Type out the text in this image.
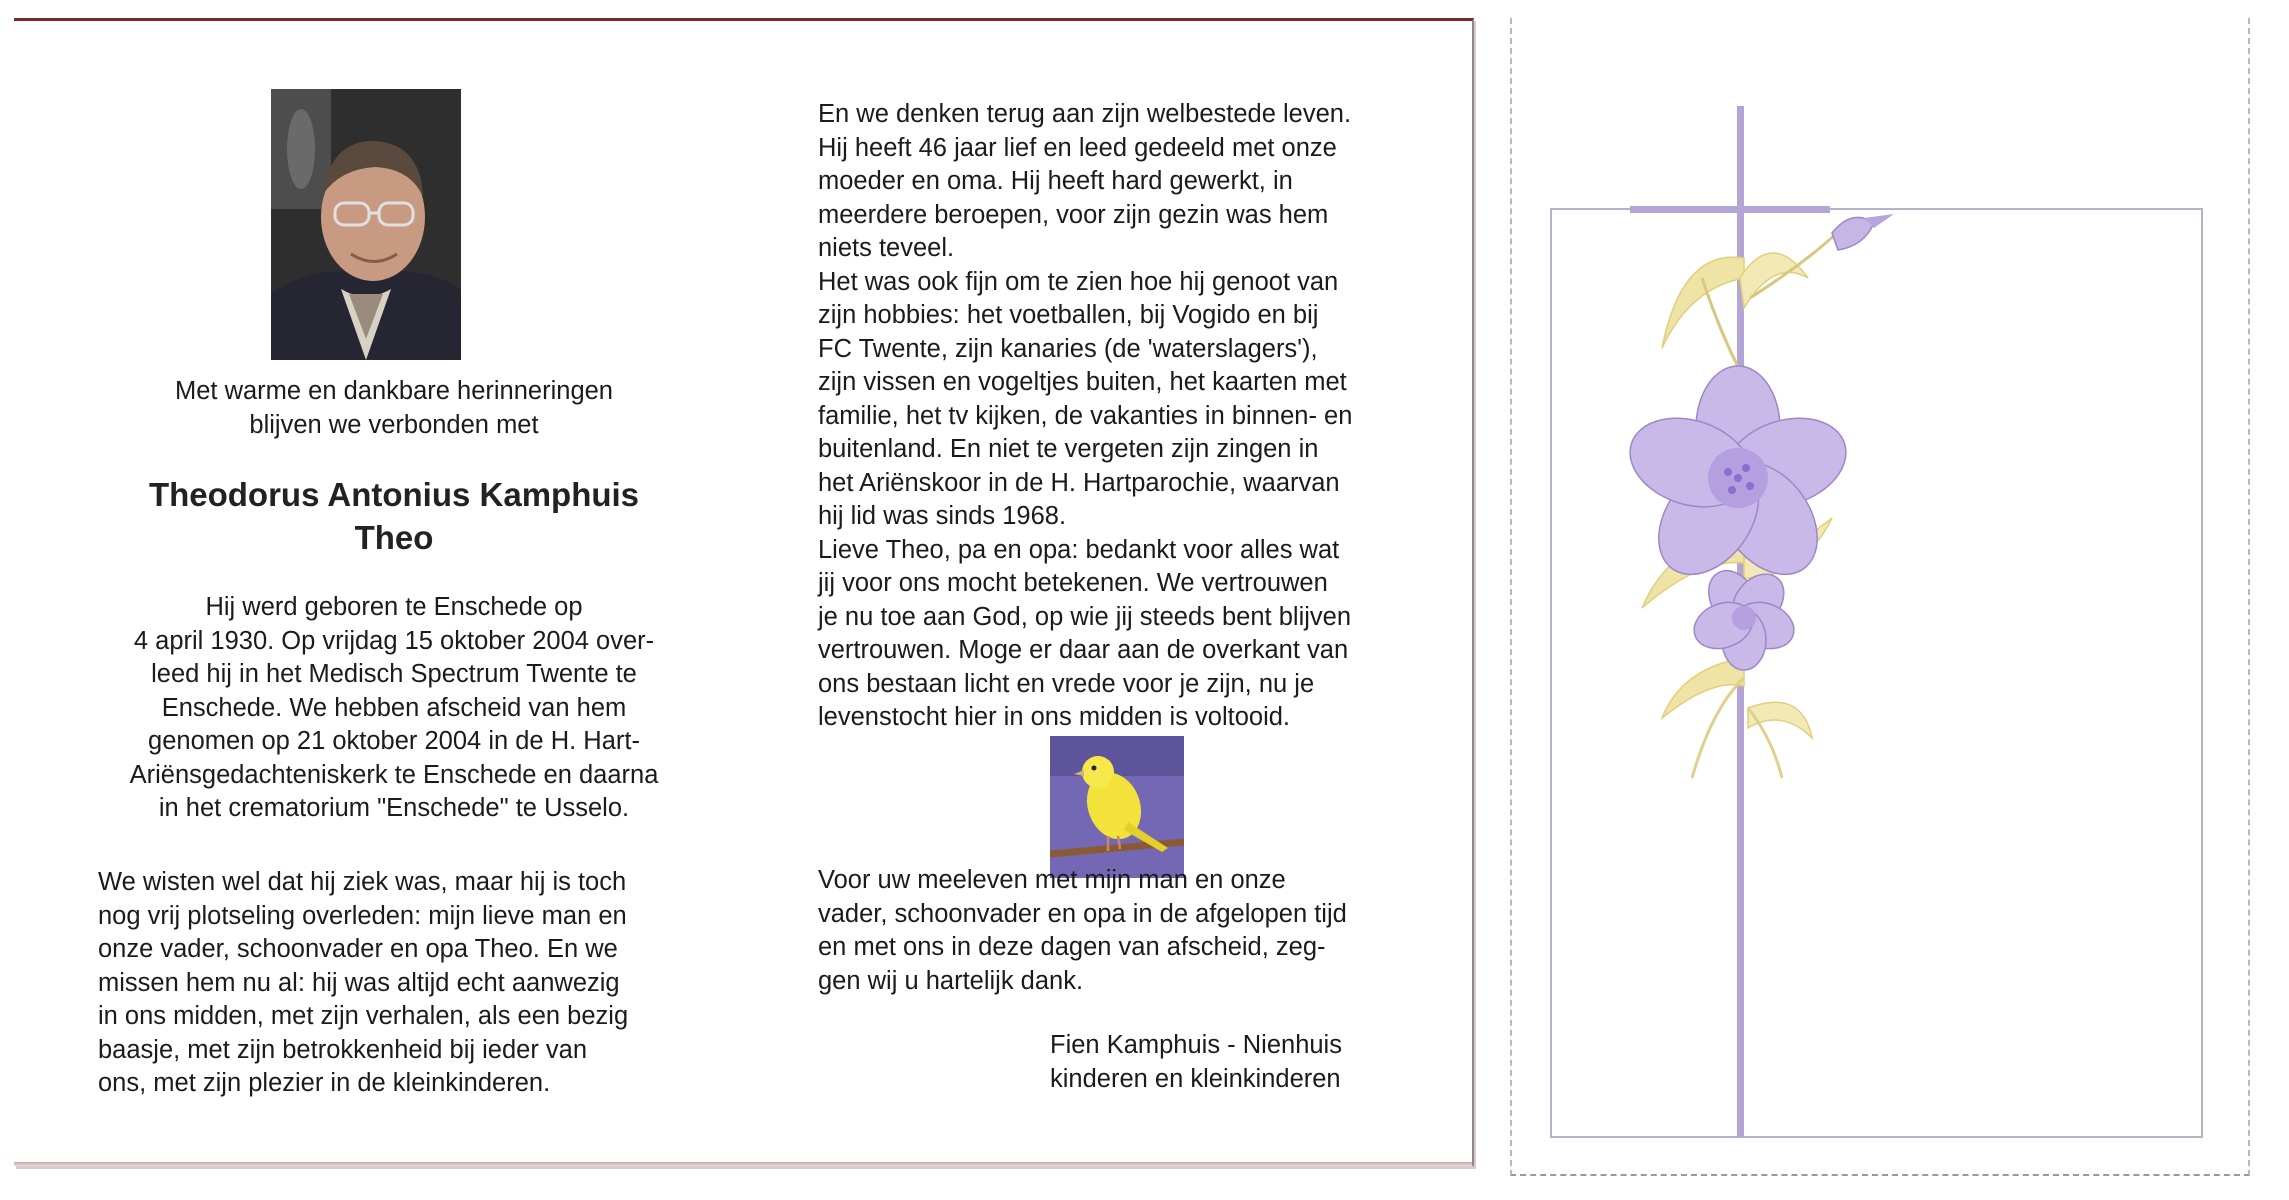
Met warme en dankbare herinneringen
blijven we verbonden met
Theodorus Antonius Kamphuis
Theo
Hij werd geboren te Enschede op
4 april 1930. Op vrijdag 15 oktober 2004 over-
leed hij in het Medisch Spectrum Twente te
Enschede. We hebben afscheid van hem
genomen op 21 oktober 2004 in de H. Hart-
Ariënsgedachteniskerk te Enschede en daarna
in het crematorium "Enschede" te Usselo.
We wisten wel dat hij ziek was, maar hij is toch
nog vrij plotseling overleden: mijn lieve man en
onze vader, schoonvader en opa Theo. En we
missen hem nu al: hij was altijd echt aanwezig
in ons midden, met zijn verhalen, als een bezig
baasje, met zijn betrokkenheid bij ieder van
ons, met zijn plezier in de kleinkinderen.
En we denken terug aan zijn welbestede leven.
Hij heeft 46 jaar lief en leed gedeeld met onze
moeder en oma. Hij heeft hard gewerkt, in
meerdere beroepen, voor zijn gezin was hem
niets teveel.
Het was ook fijn om te zien hoe hij genoot van
zijn hobbies: het voetballen, bij Vogido en bij
FC Twente, zijn kanaries (de 'waterslagers'),
zijn vissen en vogeltjes buiten, het kaarten met
familie, het tv kijken, de vakanties in binnen- en
buitenland. En niet te vergeten zijn zingen in
het Ariënskoor in de H. Hartparochie, waarvan
hij lid was sinds 1968.
Lieve Theo, pa en opa: bedankt voor alles wat
jij voor ons mocht betekenen. We vertrouwen
je nu toe aan God, op wie jij steeds bent blijven
vertrouwen. Moge er daar aan de overkant van
ons bestaan licht en vrede voor je zijn, nu je
levenstocht hier in ons midden is voltooid.
Voor uw meeleven met mijn man en onze
vader, schoonvader en opa in de afgelopen tijd
en met ons in deze dagen van afscheid, zeg-
gen wij u hartelijk dank.
Fien Kamphuis - Nienhuis
kinderen en kleinkinderen
